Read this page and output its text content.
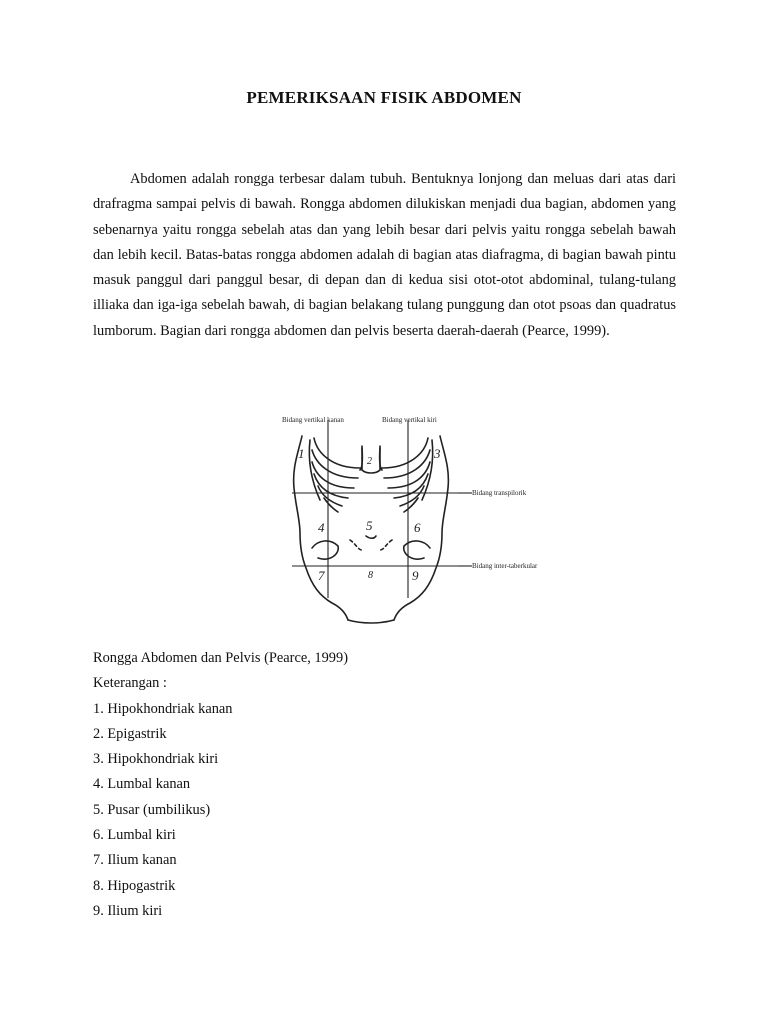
PEMERIKSAAN FISIK ABDOMEN
Abdomen adalah rongga terbesar dalam tubuh. Bentuknya lonjong dan meluas dari atas dari drafragma sampai pelvis di bawah. Rongga abdomen dilukiskan menjadi dua bagian, abdomen yang sebenarnya yaitu rongga sebelah atas dan yang lebih besar dari pelvis yaitu rongga sebelah bawah dan lebih kecil. Batas-batas rongga abdomen adalah di bagian atas diafragma, di bagian bawah pintu masuk panggul dari panggul besar, di depan dan di kedua sisi otot-otot abdominal, tulang-tulang illiaka dan iga-iga sebelah bawah, di bagian belakang tulang punggung dan otot psoas dan quadratus lumborum. Bagian dari rongga abdomen dan pelvis beserta daerah-daerah (Pearce, 1999).
Bidang vertikal kanan	Bidang vertikal kiri
Bidang transpilorik
Bidang inter-taberkular
1
2
3
4	5	6
7	8	9
Rongga Abdomen dan Pelvis (Pearce, 1999)
Keterangan :
1. Hipokhondriak kanan
2. Epigastrik
3. Hipokhondriak kiri
4. Lumbal kanan
5. Pusar (umbilikus)
6. Lumbal kiri
7. Ilium kanan
8. Hipogastrik
9. Ilium kiri
